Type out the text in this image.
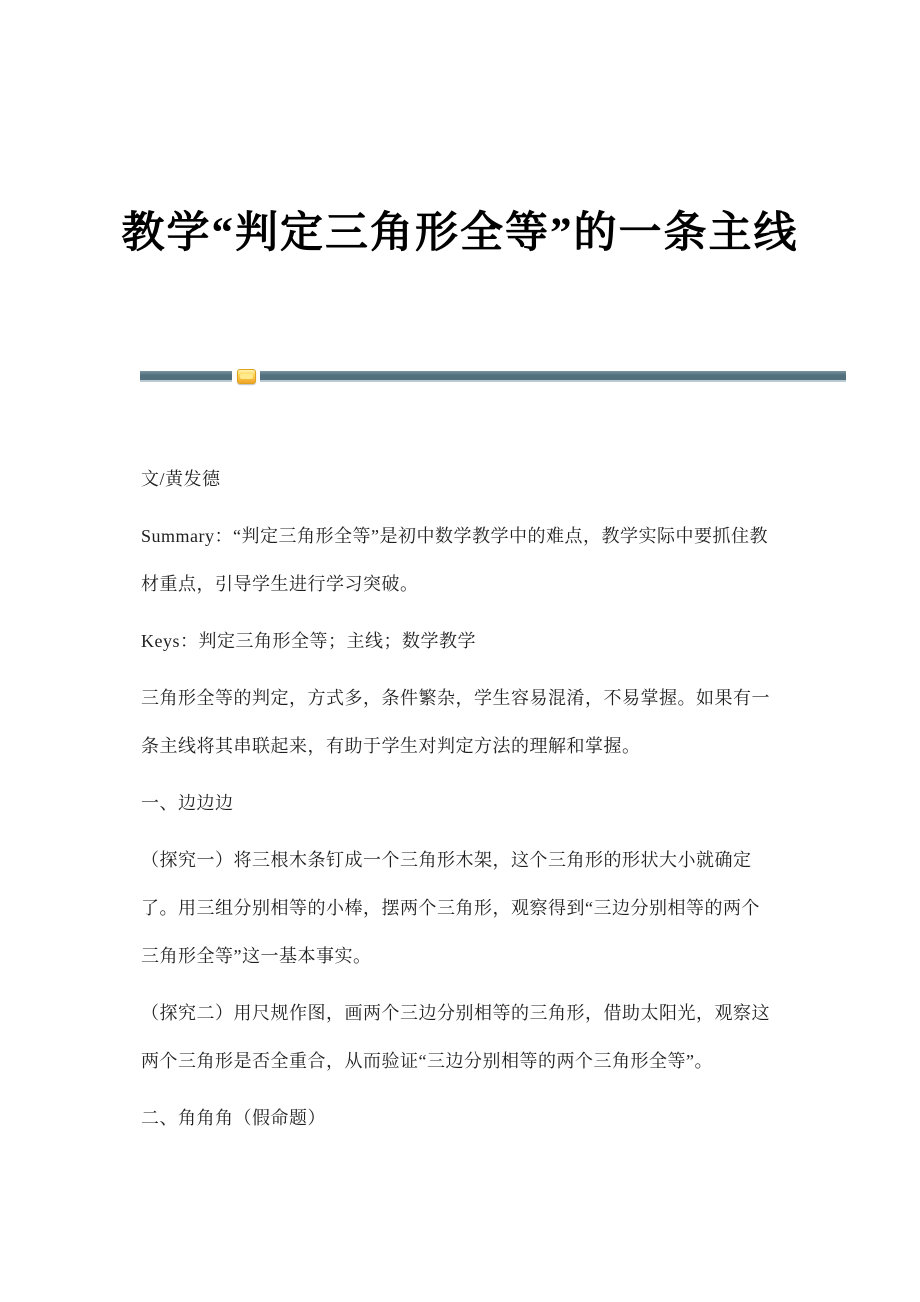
教学“判定三角形全等”的一条主线
文/黄发德
Summary：“判定三角形全等”是初中数学教学中的难点，教学实际中要抓住教
材重点，引导学生进行学习突破。
Keys：判定三角形全等；主线；数学教学
三角形全等的判定，方式多，条件繁杂，学生容易混淆，不易掌握。如果有一
条主线将其串联起来，有助于学生对判定方法的理解和掌握。
一、边边边
（探究一）将三根木条钉成一个三角形木架，这个三角形的形状大小就确定
了。用三组分别相等的小棒，摆两个三角形，观察得到“三边分别相等的两个
三角形全等”这一基本事实。
（探究二）用尺规作图，画两个三边分别相等的三角形，借助太阳光，观察这
两个三角形是否全重合，从而验证“三边分别相等的两个三角形全等”。
二、角角角（假命题）
